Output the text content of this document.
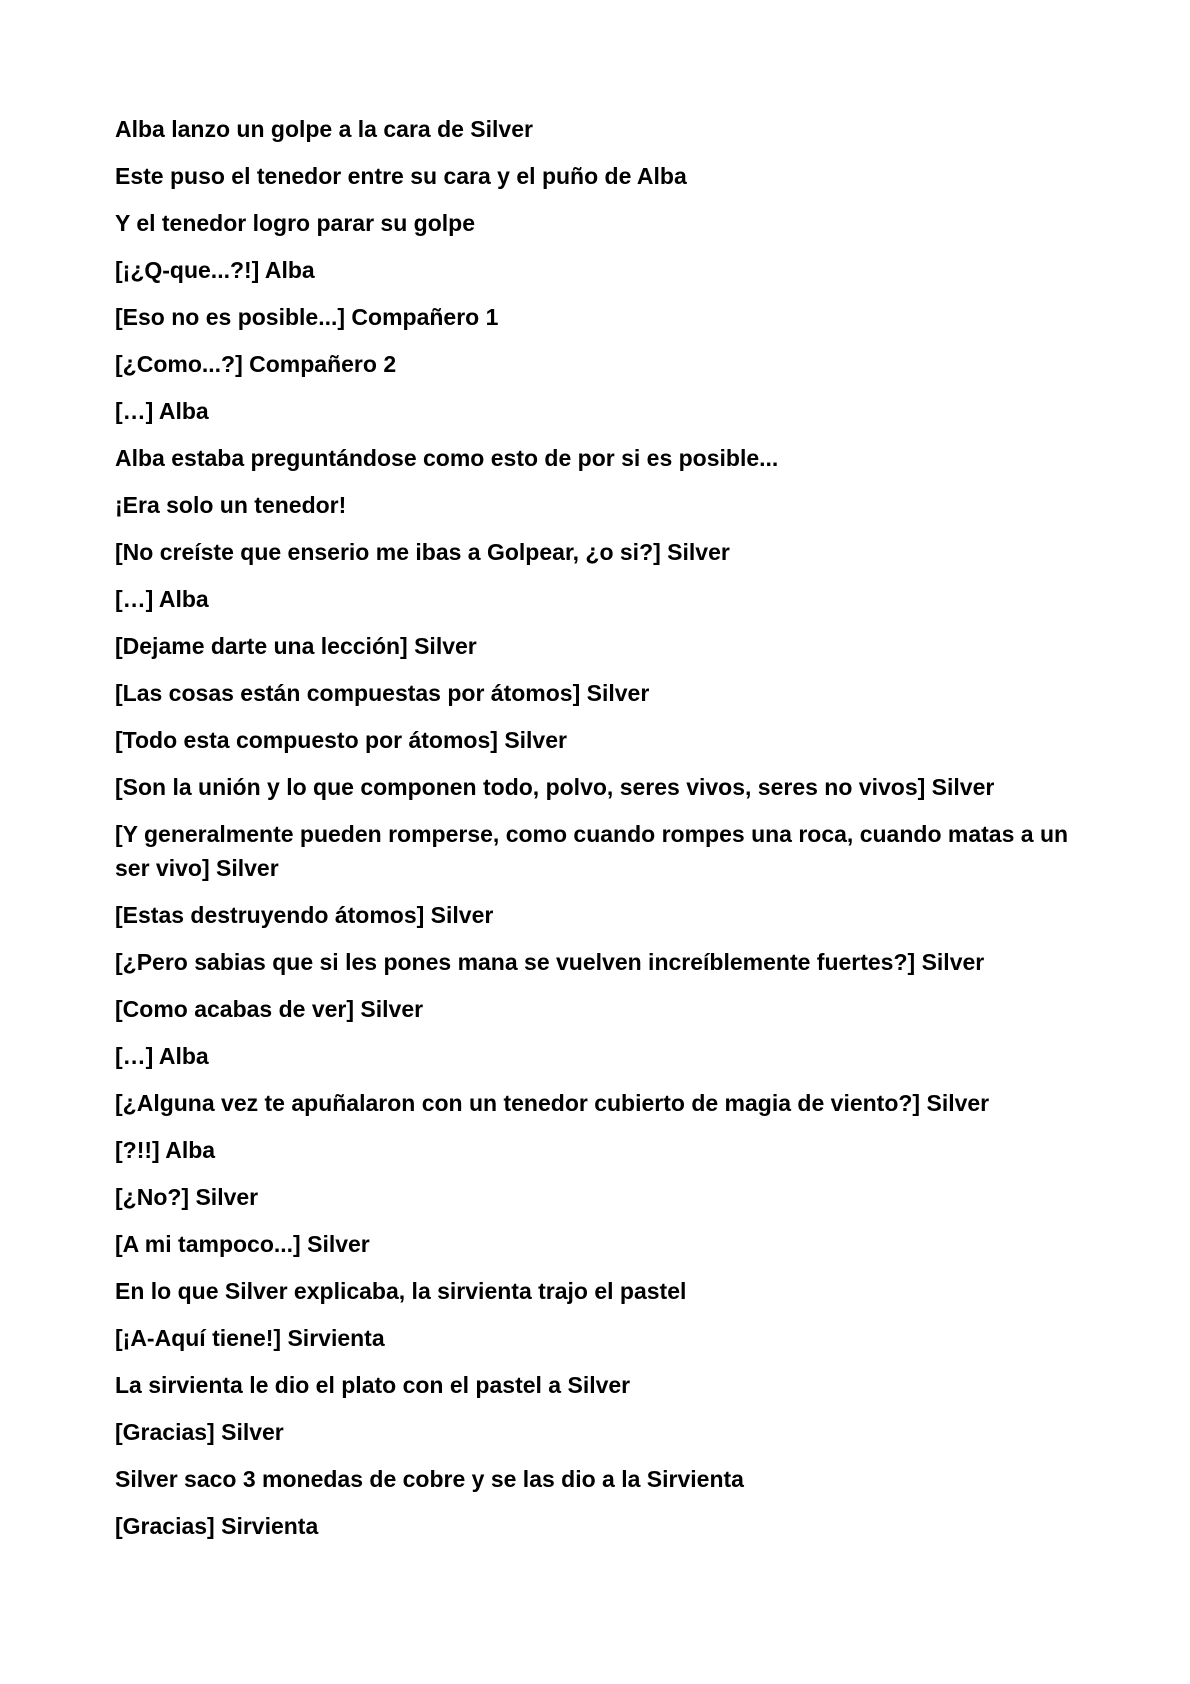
Alba lanzo un golpe a la cara de Silver

Este puso el tenedor entre su cara y el puño de Alba

Y el tenedor logro parar su golpe

[¡¿Q-que...?!] Alba

[Eso no es posible...] Compañero 1

[¿Como...?] Compañero 2

[…] Alba

Alba estaba preguntándose como esto de por si es posible...

¡Era solo un tenedor!

[No creíste que enserio me ibas a Golpear, ¿o si?] Silver

[…] Alba

[Dejame darte una lección] Silver

[Las cosas están compuestas por átomos] Silver

[Todo esta compuesto por átomos] Silver

[Son la unión y lo que componen todo, polvo, seres vivos, seres no vivos] Silver

[Y generalmente pueden romperse, como cuando rompes una roca, cuando matas a un ser vivo] Silver

[Estas destruyendo átomos] Silver

[¿Pero sabias que si les pones mana se vuelven increíblemente fuertes?] Silver

[Como acabas de ver] Silver

[…] Alba

[¿Alguna vez te apuñalaron con un tenedor cubierto de magia de viento?] Silver

[?!!] Alba

[¿No?] Silver

[A mi tampoco...] Silver

En lo que Silver explicaba, la sirvienta trajo el pastel

[¡A-Aquí tiene!] Sirvienta

La sirvienta le dio el plato con el pastel a Silver

[Gracias] Silver

Silver saco 3 monedas de cobre y se las dio a la Sirvienta

[Gracias] Sirvienta
